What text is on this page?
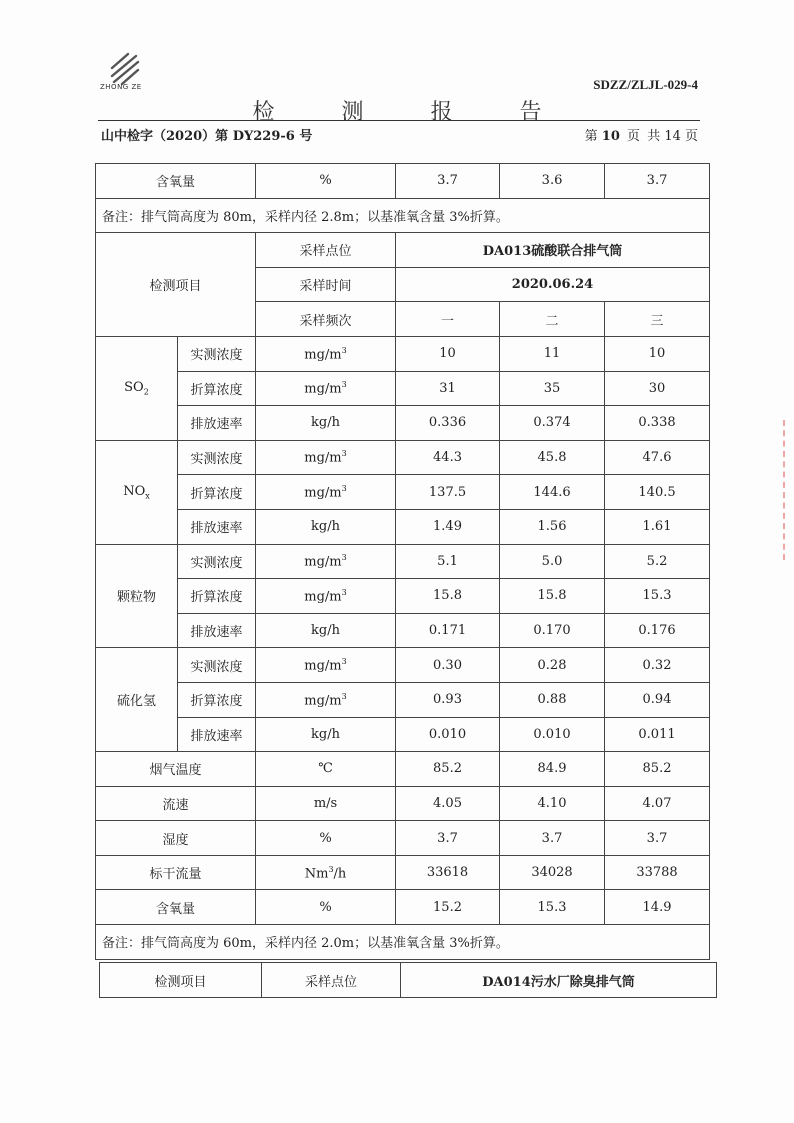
ZHONG ZE	SDZZ/ZLJL-029-4
检 测 报 告
山中检字（2020）第 DY229-6 号	第 10 页 共 14 页
含氧量		%	3.7	3.6	3.7
备注：排气筒高度为 80m，采样内径 2.8m；以基准氧含量 3%折算。					
检测项目		采样点位	DA013硫酸联合排气筒		
		采样时间	2020.06.24		
		采样频次	一	二	三
$SO_2$	实测浓度	$mg/m^3$	10	11	10
	折算浓度	$mg/m^3$	31	35	30
	排放速率	kg/h	0.336	0.374	0.338
$NO_x$	实测浓度	$mg/m^3$	44.3	45.8	47.6
	折算浓度	$mg/m^3$	137.5	144.6	140.5
	排放速率	kg/h	1.49	1.56	1.61
颗粒物	实测浓度	$mg/m^3$	5.1	5.0	5.2
	折算浓度	$mg/m^3$	15.8	15.8	15.3
	排放速率	kg/h	0.171	0.170	0.176
硫化氢	实测浓度	$mg/m^3$	0.30	0.28	0.32
	折算浓度	$mg/m^3$	0.93	0.88	0.94
	排放速率	kg/h	0.010	0.010	0.011
烟气温度		℃	85.2	84.9	85.2
流速		m/s	4.05	4.10	4.07
湿度		%	3.7	3.7	3.7
标干流量		Nm$^3$/h	33618	34028	33788
含氧量		%	15.2	15.3	14.9
备注：排气筒高度为 60m，采样内径 2.0m；以基准氧含量 3%折算。					
检测项目	采样点位	DA014污水厂除臭排气筒
